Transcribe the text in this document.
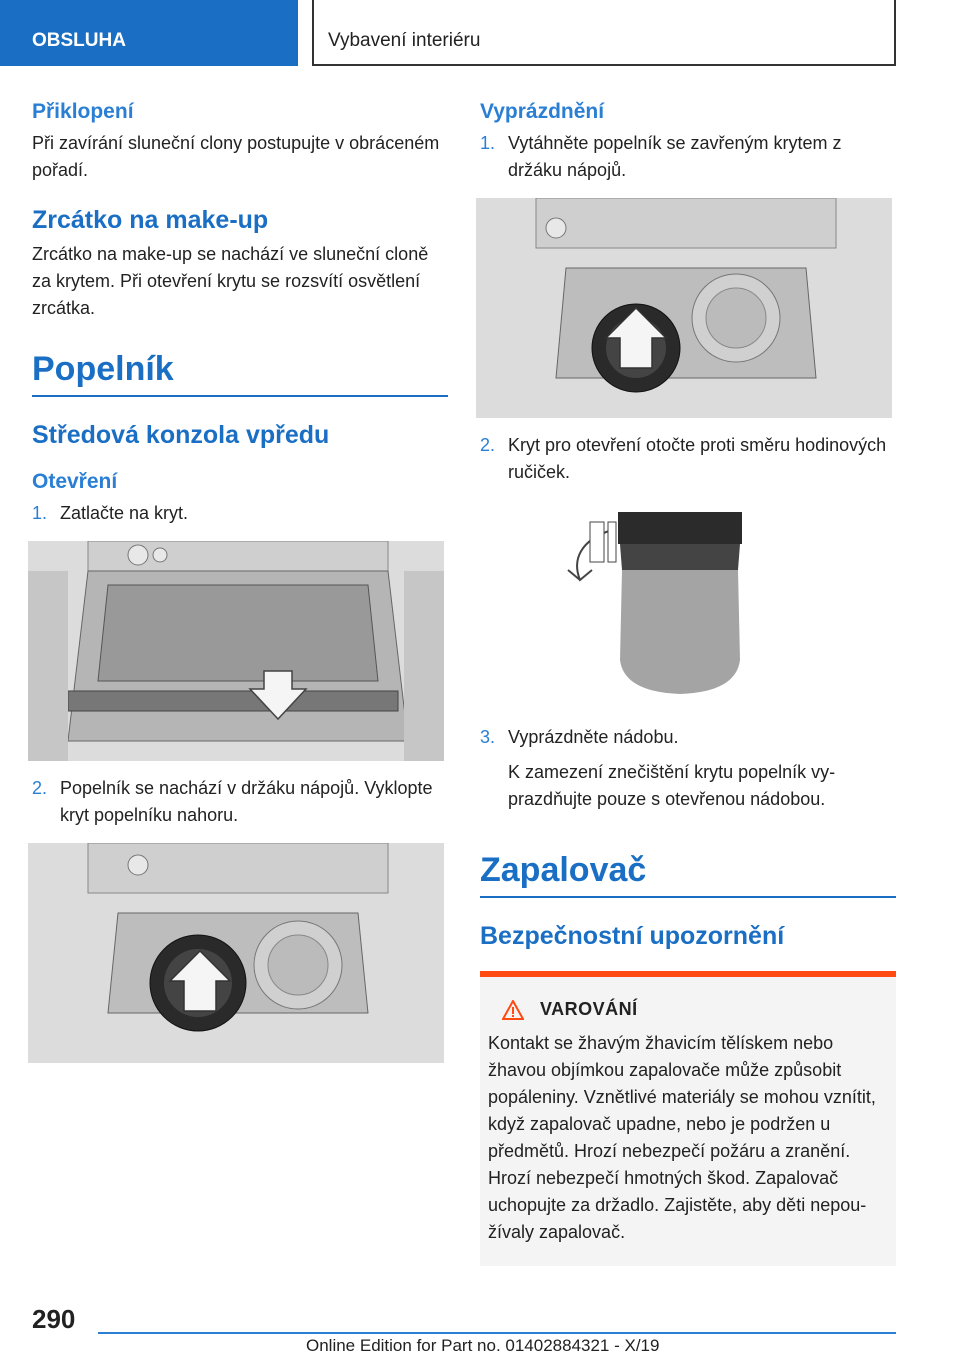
OBSLUHA	Vybavení interiéru
Přiklopení
Při zavírání sluneční clony postupujte v obráceném pořadí.
Zrcátko na make-up
Zrcátko na make-up se nachází ve sluneční cloně za krytem. Při otevření krytu se rozsvítí osvětlení zrcátka.
Popelník
Středová konzola vpředu
Otevření
1. Zatlačte na kryt.
2. Popelník se nachází v držáku nápojů. Vyklopte kryt popelníku nahoru.
Vyprázdnění
1. Vytáhněte popelník se zavřeným krytem z držáku nápojů.
2. Kryt pro otevření otočte proti směru hodinových ručiček.
3. Vyprázdněte nádobu.
K zamezení znečištění krytu popelník vyprazdňujte pouze s otevřenou nádobou.
Zapalovač
Bezpečnostní upozornění
VAROVÁNÍ
Kontakt se žhavým žhavicím tělískem nebo žhavou objímkou zapalovače může způsobit popáleniny. Vznětlivé materiály se mohou vznítit, když zapalovač upadne, nebo je podržen u předmětů. Hrozí nebezpečí požáru a zranění. Hrozí nebezpečí hmotných škod. Zapalovač uchopujte za držadlo. Zajistěte, aby děti nepoužívaly zapalovač.
290
Online Edition for Part no. 01402884321 - X/19
